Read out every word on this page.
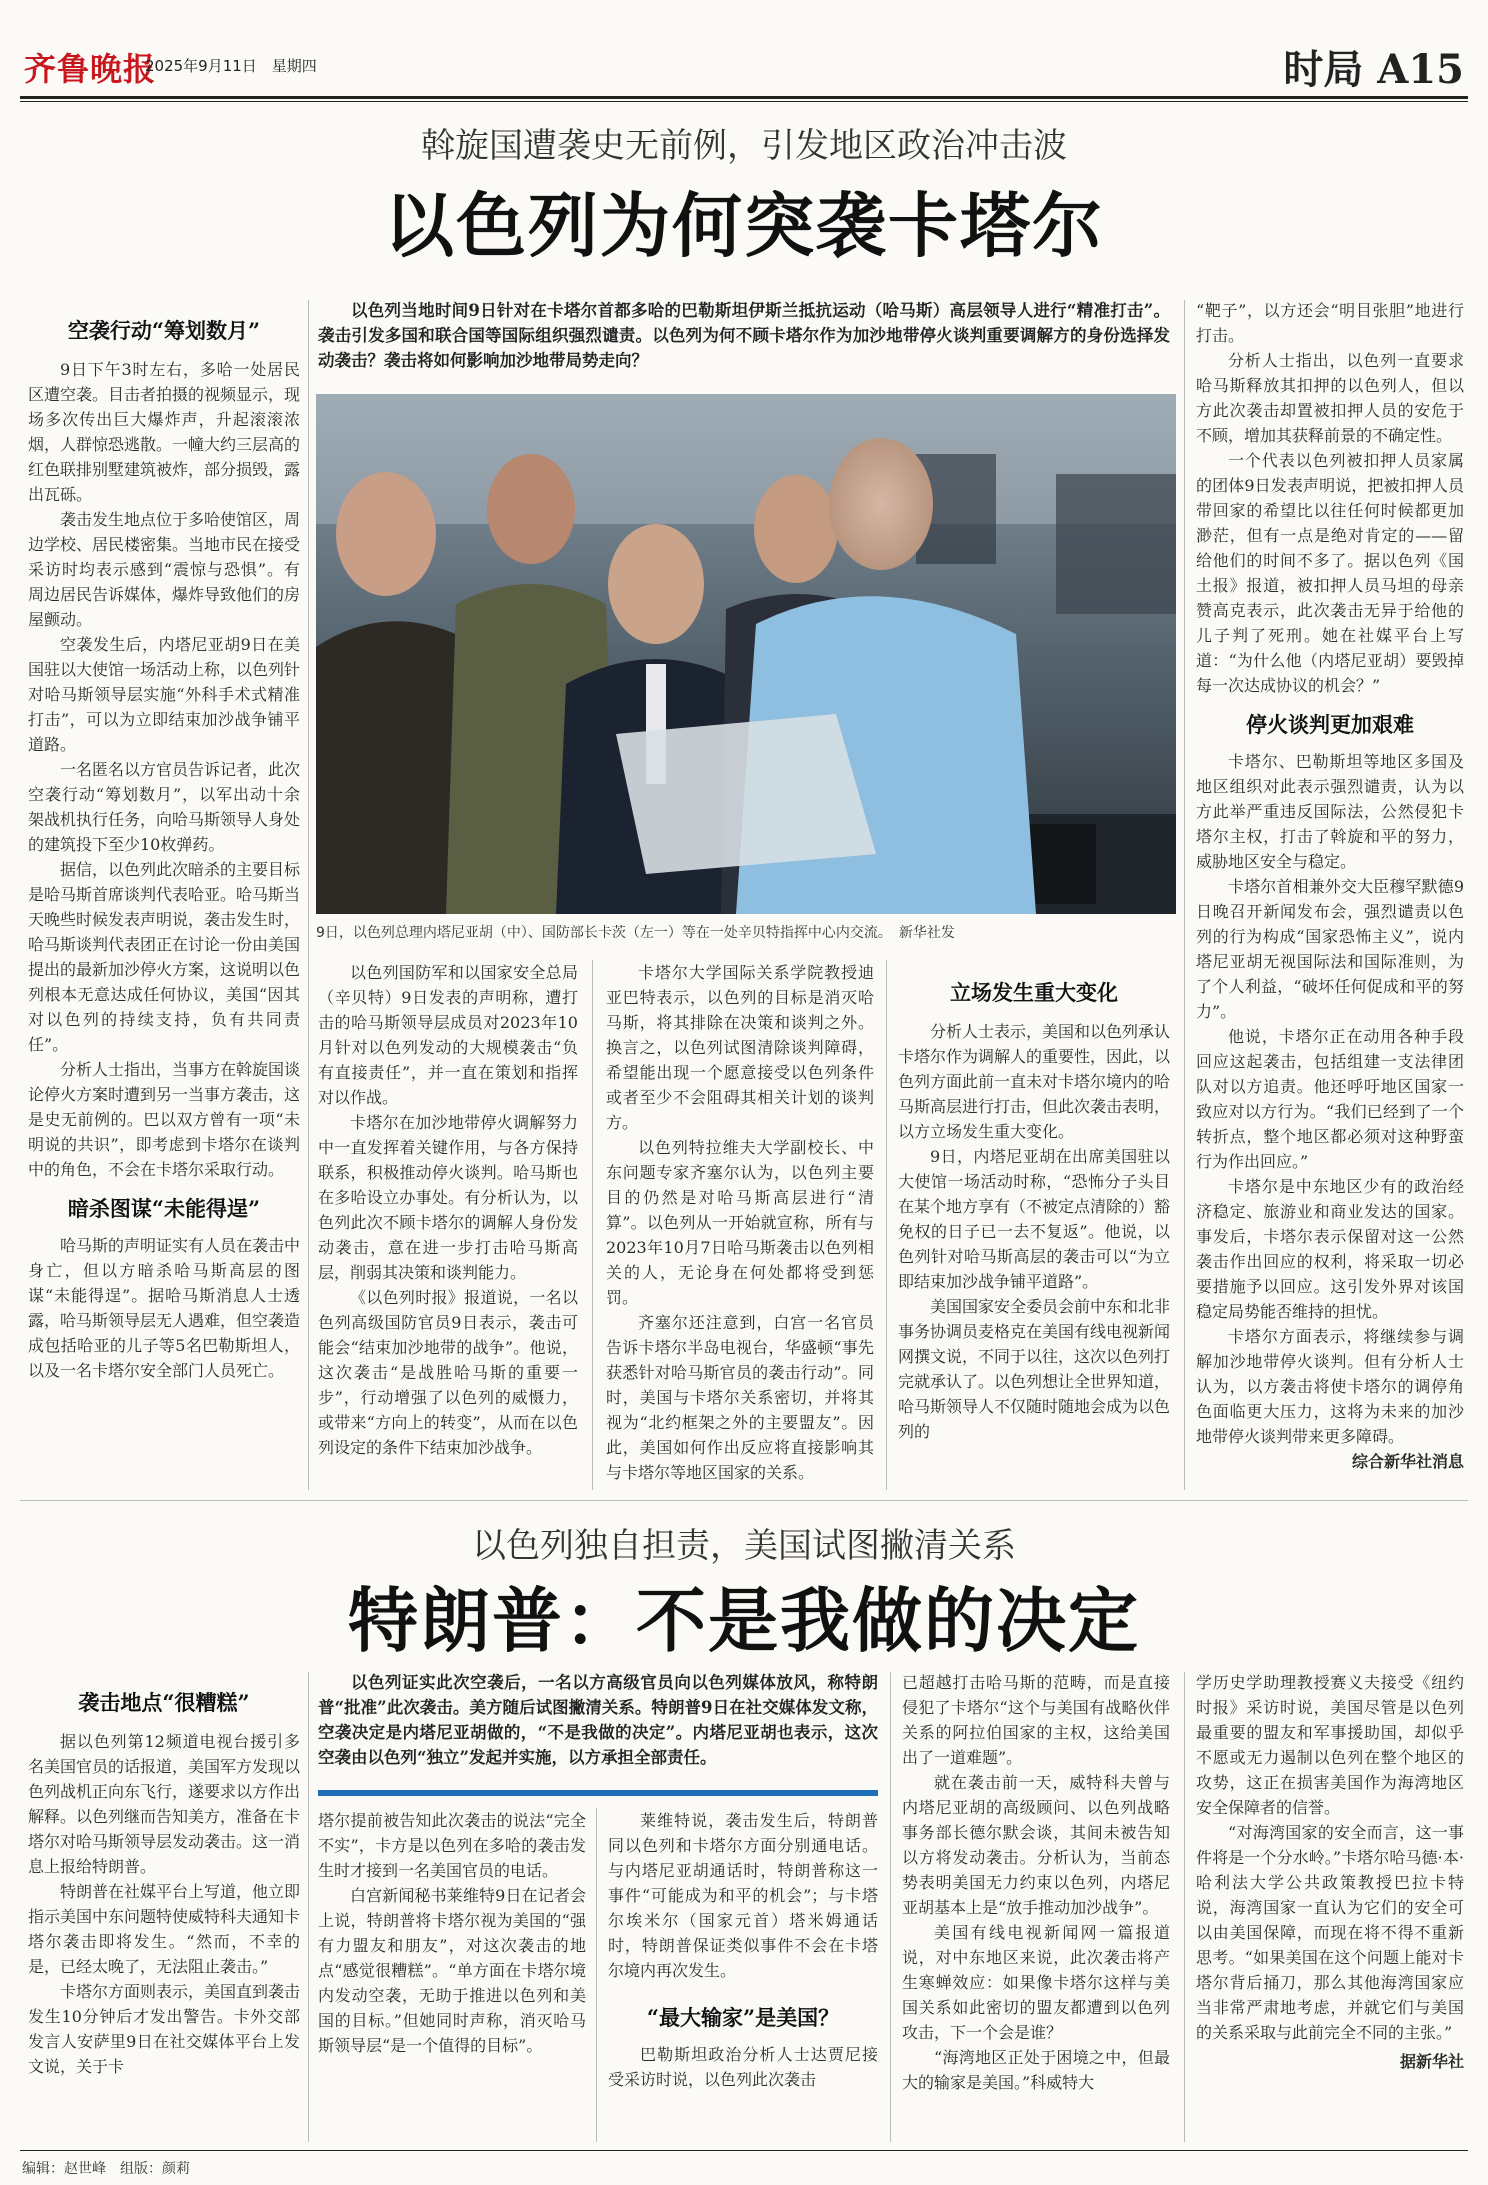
齐鲁晚报
2025年9月11日　星期四	时局 A15
斡旋国遭袭史无前例，引发地区政治冲击波
以色列为何突袭卡塔尔
空袭行动“筹划数月”

9日下午3时左右，多哈一处居民区遭空袭。目击者拍摄的视频显示，现场多次传出巨大爆炸声，升起滚滚浓烟，人群惊恐逃散。一幢大约三层高的红色联排别墅建筑被炸，部分损毁，露出瓦砾。

袭击发生地点位于多哈使馆区，周边学校、居民楼密集。当地市民在接受采访时均表示感到“震惊与恐惧”。有周边居民告诉媒体，爆炸导致他们的房屋颤动。

空袭发生后，内塔尼亚胡9日在美国驻以大使馆一场活动上称，以色列针对哈马斯领导层实施“外科手术式精准打击”，可以为立即结束加沙战争铺平道路。

一名匿名以方官员告诉记者，此次空袭行动“筹划数月”，以军出动十余架战机执行任务，向哈马斯领导人身处的建筑投下至少10枚弹药。

据信，以色列此次暗杀的主要目标是哈马斯首席谈判代表哈亚。哈马斯当天晚些时候发表声明说，袭击发生时，哈马斯谈判代表团正在讨论一份由美国提出的最新加沙停火方案，这说明以色列根本无意达成任何协议，美国“因其对以色列的持续支持，负有共同责任”。

分析人士指出，当事方在斡旋国谈论停火方案时遭到另一当事方袭击，这是史无前例的。巴以双方曾有一项“未明说的共识”，即考虑到卡塔尔在谈判中的角色，不会在卡塔尔采取行动。

暗杀图谋“未能得逞”

哈马斯的声明证实有人员在袭击中身亡，但以方暗杀哈马斯高层的图谋“未能得逞”。据哈马斯消息人士透露，哈马斯领导层无人遇难，但空袭造成包括哈亚的儿子等5名巴勒斯坦人，以及一名卡塔尔安全部门人员死亡。

以色列当地时间9日针对在卡塔尔首都多哈的巴勒斯坦伊斯兰抵抗运动（哈马斯）高层领导人进行“精准打击”。袭击引发多国和联合国等国际组织强烈谴责。以色列为何不顾卡塔尔作为加沙地带停火谈判重要调解方的身份选择发动袭击？袭击将如何影响加沙地带局势走向？

9日，以色列总理内塔尼亚胡（中）、国防部长卡茨（左一）等在一处辛贝特指挥中心内交流。　新华社发

以色列国防军和以国家安全总局（辛贝特）9日发表的声明称，遭打击的哈马斯领导层成员对2023年10月针对以色列发动的大规模袭击“负有直接责任”，并一直在策划和指挥对以作战。

卡塔尔在加沙地带停火调解努力中一直发挥着关键作用，与各方保持联系，积极推动停火谈判。哈马斯也在多哈设立办事处。有分析认为，以色列此次不顾卡塔尔的调解人身份发动袭击，意在进一步打击哈马斯高层，削弱其决策和谈判能力。

《以色列时报》报道说，一名以色列高级国防官员9日表示，袭击可能会“结束加沙地带的战争”。他说，这次袭击“是战胜哈马斯的重要一步”，行动增强了以色列的威慑力，或带来“方向上的转变”，从而在以色列设定的条件下结束加沙战争。

卡塔尔大学国际关系学院教授迪亚巴特表示，以色列的目标是消灭哈马斯，将其排除在决策和谈判之外。换言之，以色列试图清除谈判障碍，希望能出现一个愿意接受以色列条件或者至少不会阻碍其相关计划的谈判方。

以色列特拉维夫大学副校长、中东问题专家齐塞尔认为，以色列主要目的仍然是对哈马斯高层进行“清算”。以色列从一开始就宣称，所有与2023年10月7日哈马斯袭击以色列相关的人，无论身在何处都将受到惩罚。

齐塞尔还注意到，白宫一名官员告诉卡塔尔半岛电视台，华盛顿“事先获悉针对哈马斯官员的袭击行动”。同时，美国与卡塔尔关系密切，并将其视为“北约框架之外的主要盟友”。因此，美国如何作出反应将直接影响其与卡塔尔等地区国家的关系。

立场发生重大变化

分析人士表示，美国和以色列承认卡塔尔作为调解人的重要性，因此，以色列方面此前一直未对卡塔尔境内的哈马斯高层进行打击，但此次袭击表明，以方立场发生重大变化。

9日，内塔尼亚胡在出席美国驻以大使馆一场活动时称，“恐怖分子头目在某个地方享有（不被定点清除的）豁免权的日子已一去不复返”。他说，以色列针对哈马斯高层的袭击可以“为立即结束加沙战争铺平道路”。

美国国家安全委员会前中东和北非事务协调员麦格克在美国有线电视新闻网撰文说，不同于以往，这次以色列打完就承认了。以色列想让全世界知道，哈马斯领导人不仅随时随地会成为以色列的

“靶子”，以方还会“明目张胆”地进行打击。

分析人士指出，以色列一直要求哈马斯释放其扣押的以色列人，但以方此次袭击却置被扣押人员的安危于不顾，增加其获释前景的不确定性。

一个代表以色列被扣押人员家属的团体9日发表声明说，把被扣押人员带回家的希望比以往任何时候都更加渺茫，但有一点是绝对肯定的——留给他们的时间不多了。据以色列《国土报》报道，被扣押人员马坦的母亲赞高克表示，此次袭击无异于给他的儿子判了死刑。她在社媒平台上写道：“为什么他（内塔尼亚胡）要毁掉每一次达成协议的机会？”

停火谈判更加艰难

卡塔尔、巴勒斯坦等地区多国及地区组织对此表示强烈谴责，认为以方此举严重违反国际法，公然侵犯卡塔尔主权，打击了斡旋和平的努力，威胁地区安全与稳定。

卡塔尔首相兼外交大臣穆罕默德9日晚召开新闻发布会，强烈谴责以色列的行为构成“国家恐怖主义”，说内塔尼亚胡无视国际法和国际准则，为了个人利益，“破坏任何促成和平的努力”。

他说，卡塔尔正在动用各种手段回应这起袭击，包括组建一支法律团队对以方追责。他还呼吁地区国家一致应对以方行为。“我们已经到了一个转折点，整个地区都必须对这种野蛮行为作出回应。”

卡塔尔是中东地区少有的政治经济稳定、旅游业和商业发达的国家。事发后，卡塔尔表示保留对这一公然袭击作出回应的权利，将采取一切必要措施予以回应。这引发外界对该国稳定局势能否维持的担忧。

卡塔尔方面表示，将继续参与调解加沙地带停火谈判。但有分析人士认为，以方袭击将使卡塔尔的调停角色面临更大压力，这将为未来的加沙地带停火谈判带来更多障碍。

综合新华社消息
以色列独自担责，美国试图撇清关系
特朗普：不是我做的决定
袭击地点“很糟糕”

据以色列第12频道电视台援引多名美国官员的话报道，美国军方发现以色列战机正向东飞行，遂要求以方作出解释。以色列继而告知美方，准备在卡塔尔对哈马斯领导层发动袭击。这一消息上报给特朗普。

特朗普在社媒平台上写道，他立即指示美国中东问题特使威特科夫通知卡塔尔袭击即将发生。“然而，不幸的是，已经太晚了，无法阻止袭击。”

卡塔尔方面则表示，美国直到袭击发生10分钟后才发出警告。卡外交部发言人安萨里9日在社交媒体平台上发文说，关于卡

以色列证实此次空袭后，一名以方高级官员向以色列媒体放风，称特朗普“批准”此次袭击。美方随后试图撇清关系。特朗普9日在社交媒体发文称，空袭决定是内塔尼亚胡做的，“不是我做的决定”。内塔尼亚胡也表示，这次空袭由以色列“独立”发起并实施，以方承担全部责任。

塔尔提前被告知此次袭击的说法“完全不实”，卡方是以色列在多哈的袭击发生时才接到一名美国官员的电话。

白宫新闻秘书莱维特9日在记者会上说，特朗普将卡塔尔视为美国的“强有力盟友和朋友”，对这次袭击的地点“感觉很糟糕”。“单方面在卡塔尔境内发动空袭，无助于推进以色列和美国的目标。”但她同时声称，消灭哈马斯领导层“是一个值得的目标”。

莱维特说，袭击发生后，特朗普同以色列和卡塔尔方面分别通电话。与内塔尼亚胡通话时，特朗普称这一事件“可能成为和平的机会”；与卡塔尔埃米尔（国家元首）塔米姆通话时，特朗普保证类似事件不会在卡塔尔境内再次发生。

“最大输家”是美国？

巴勒斯坦政治分析人士达贾尼接受采访时说，以色列此次袭击

已超越打击哈马斯的范畴，而是直接侵犯了卡塔尔“这个与美国有战略伙伴关系的阿拉伯国家的主权，这给美国出了一道难题”。

就在袭击前一天，威特科夫曾与内塔尼亚胡的高级顾问、以色列战略事务部长德尔默会谈，其间未被告知以方将发动袭击。分析认为，当前态势表明美国无力约束以色列，内塔尼亚胡基本上是“放手推动加沙战争”。

美国有线电视新闻网一篇报道说，对中东地区来说，此次袭击将产生寒蝉效应：如果像卡塔尔这样与美国关系如此密切的盟友都遭到以色列攻击，下一个会是谁？

“海湾地区正处于困境之中，但最大的输家是美国。”科威特大

学历史学助理教授赛义夫接受《纽约时报》采访时说，美国尽管是以色列最重要的盟友和军事援助国，却似乎不愿或无力遏制以色列在整个地区的攻势，这正在损害美国作为海湾地区安全保障者的信誉。

“对海湾国家的安全而言，这一事件将是一个分水岭。”卡塔尔哈马德·本·哈利法大学公共政策教授巴拉卡特说，海湾国家一直认为它们的安全可以由美国保障，而现在将不得不重新思考。“如果美国在这个问题上能对卡塔尔背后捅刀，那么其他海湾国家应当非常严肃地考虑，并就它们与美国的关系采取与此前完全不同的主张。”

据新华社
编辑：赵世峰　组版：颜莉
